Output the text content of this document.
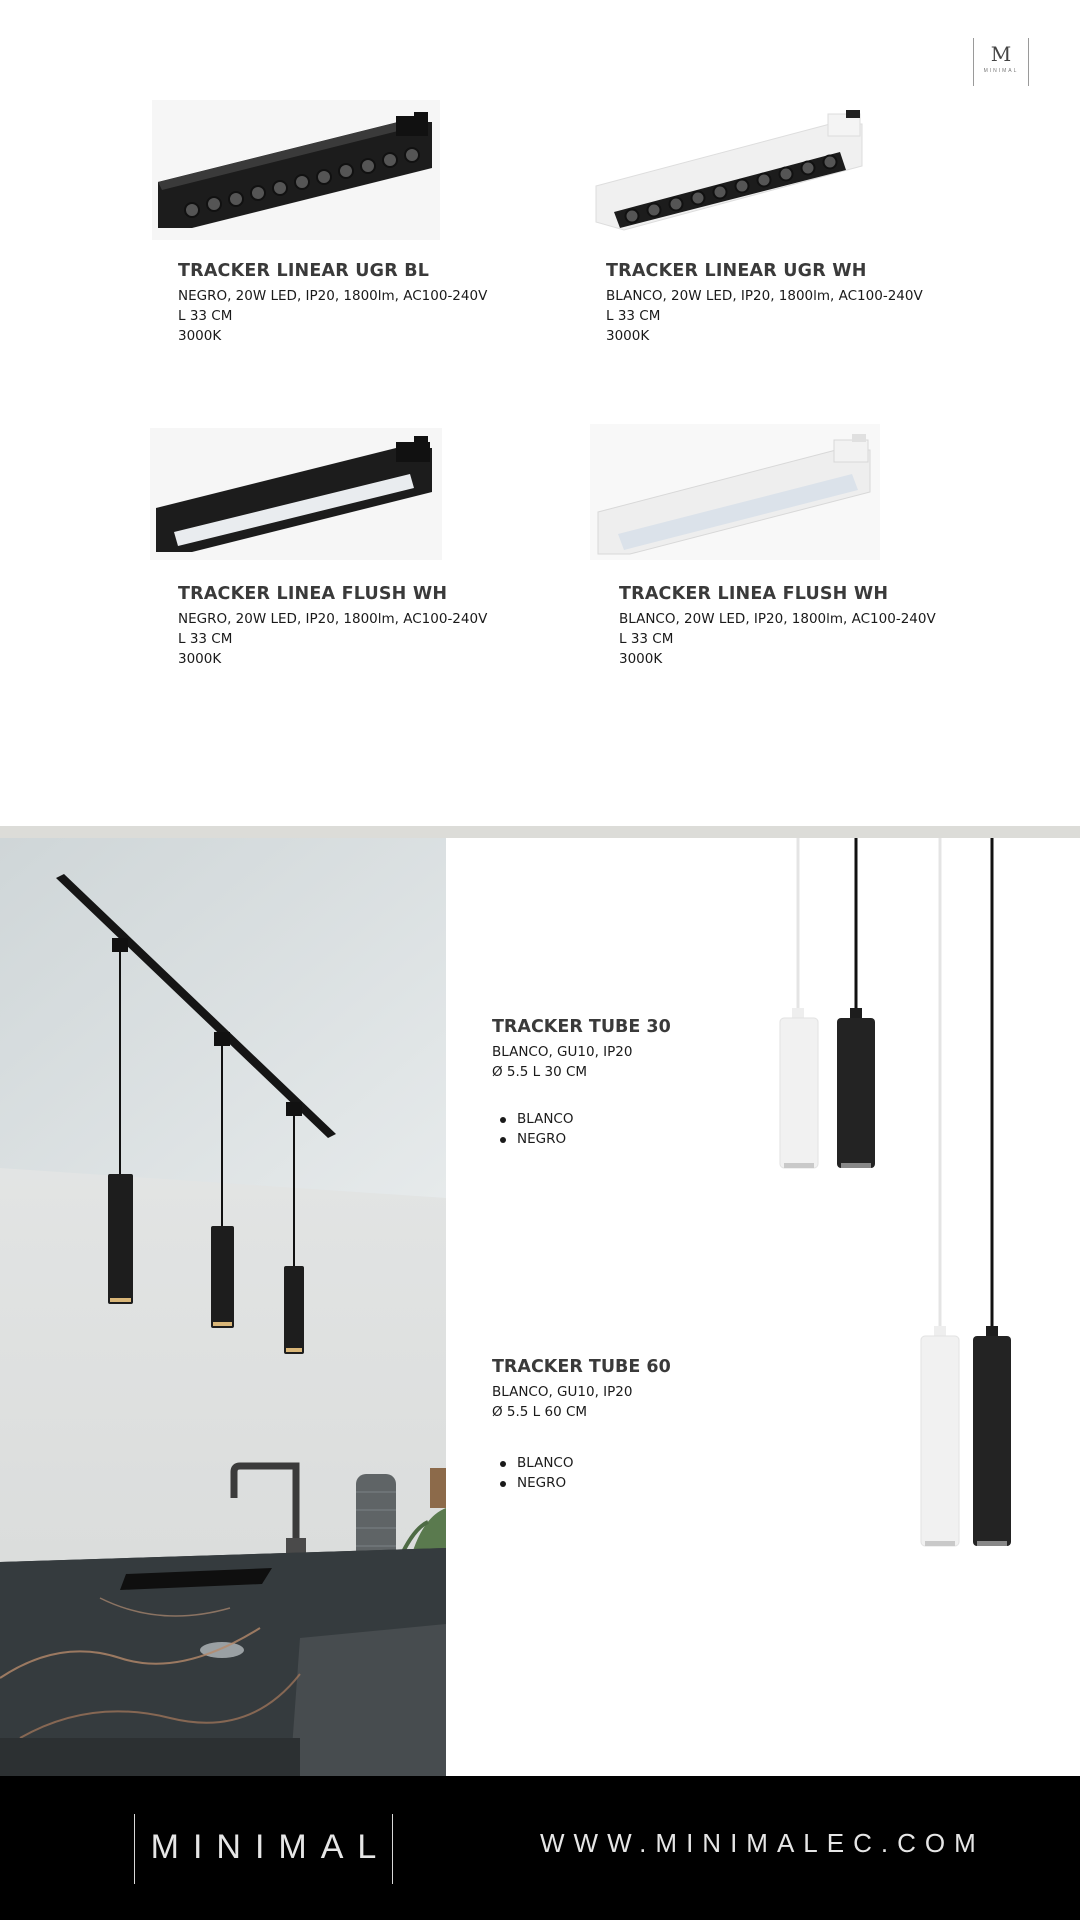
M
MINIMAL
TRACKER LINEAR UGR BL
NEGRO, 20W LED, IP20, 1800lm, AC100-240V
L 33 CM
3000K
TRACKER LINEAR UGR WH
BLANCO, 20W LED, IP20, 1800lm, AC100-240V
L 33 CM
3000K
TRACKER LINEA FLUSH WH
NEGRO, 20W LED, IP20, 1800lm, AC100-240V
L 33 CM
3000K
TRACKER LINEA FLUSH WH
BLANCO, 20W LED, IP20, 1800lm, AC100-240V
L 33 CM
3000K
TRACKER TUBE 30
BLANCO, GU10, IP20
Ø 5.5 L 30 CM
BLANCO
NEGRO
TRACKER TUBE 60
BLANCO, GU10, IP20
Ø 5.5 L 60 CM
BLANCO
NEGRO
MINIMAL	WWW.MINIMALEC.COM
